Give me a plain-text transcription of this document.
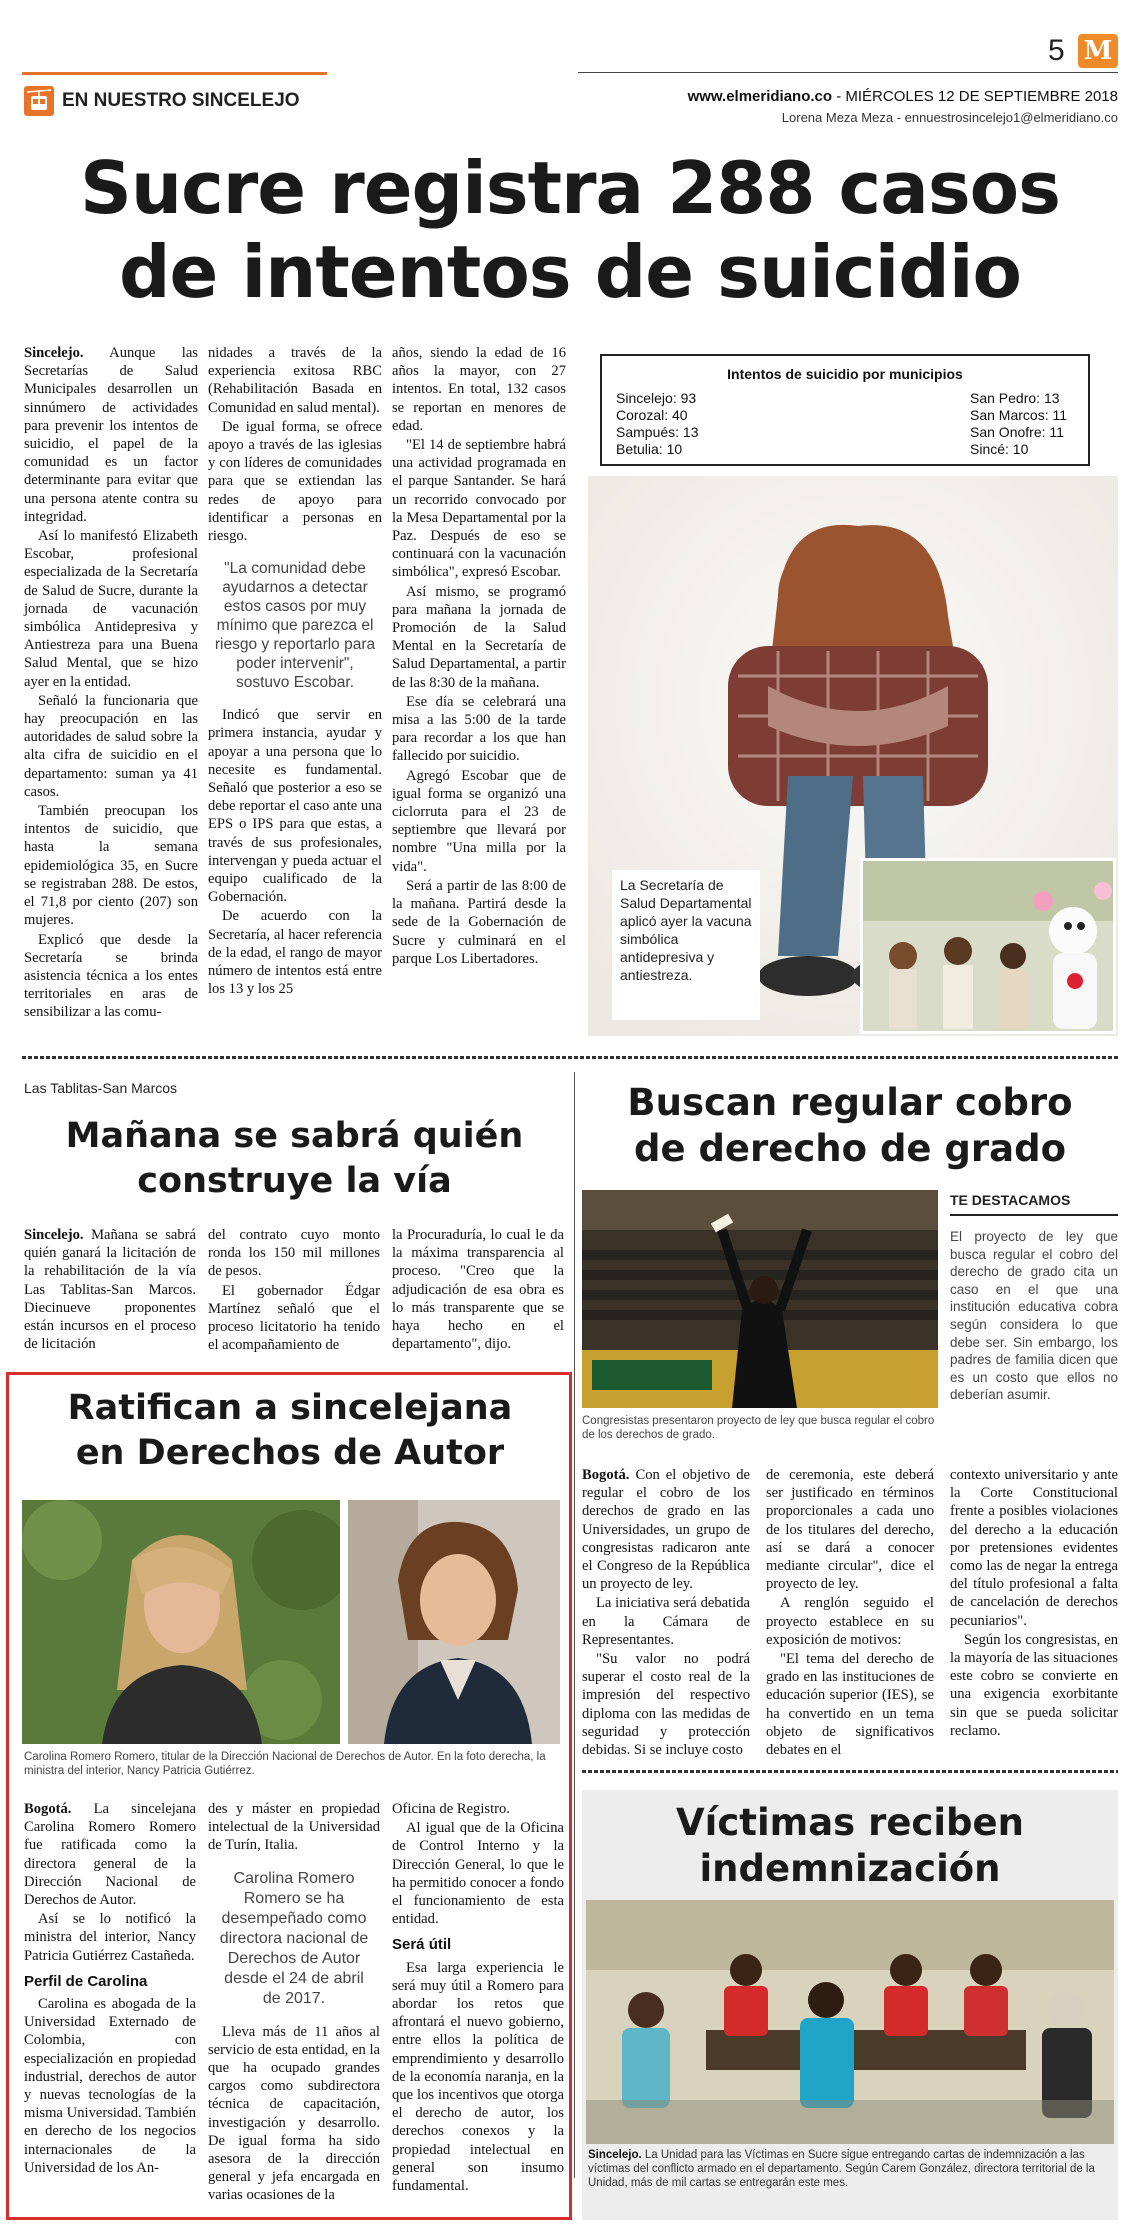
EN NUESTRO SINCELEJO
5 M
www.elmeridiano.co - MIÉRCOLES 12 DE SEPTIEMBRE 2018
Lorena Meza Meza - ennuestrosincelejo1@elmeridiano.co
Sucre registra 288 casos
de intentos de suicidio

Sincelejo. Aunque las Secretarías de Salud Municipales desarrollen un sinnúmero de actividades para prevenir los intentos de suicidio, el papel de la comunidad es un factor determinante para evitar que una persona atente contra su integridad.

Así lo manifestó Elizabeth Escobar, profesional especializada de la Secretaría de Salud de Sucre, durante la jornada de vacunación simbólica Antidepresiva y Antiestreza para una Buena Salud Mental, que se hizo ayer en la entidad.

Señaló la funcionaria que hay preocupación en las autoridades de salud sobre la alta cifra de suicidio en el departamento: suman ya 41 casos.

También preocupan los intentos de suicidio, que hasta la semana epidemiológica 35, en Sucre se registraban 288. De estos, el 71,8 por ciento (207) son mujeres.

Explicó que desde la Secretaría se brinda asistencia técnica a los entes territoriales en aras de sensibilizar a las comu-

nidades a través de la experiencia exitosa RBC (Rehabilitación Basada en Comunidad en salud mental).

De igual forma, se ofrece apoyo a través de las iglesias y con líderes de comunidades para que se extiendan las redes de apoyo para identificar a personas en riesgo.

"La comunidad debe ayudarnos a detectar estos casos por muy mínimo que parezca el riesgo y reportarlo para poder intervenir", sostuvo Escobar.

Indicó que servir en primera instancia, ayudar y apoyar a una persona que lo necesite es fundamental. Señaló que posterior a eso se debe reportar el caso ante una EPS o IPS para que estas, a través de sus profesionales, intervengan y pueda actuar el equipo cualificado de la Gobernación.

De acuerdo con la Secretaría, al hacer referencia de la edad, el rango de mayor número de intentos está entre los 13 y los 25

años, siendo la edad de 16 años la mayor, con 27 intentos. En total, 132 casos se reportan en menores de edad.

"El 14 de septiembre habrá una actividad programada en el parque Santander. Se hará un recorrido convocado por la Mesa Departamental por la Paz. Después de eso se continuará con la vacunación simbólica", expresó Escobar.

Así mismo, se programó para mañana la jornada de Promoción de la Salud Mental en la Secretaría de Salud Departamental, a partir de las 8:30 de la mañana.

Ese día se celebrará una misa a las 5:00 de la tarde para recordar a los que han fallecido por suicidio.

Agregó Escobar que de igual forma se organizó una ciclorruta para el 23 de septiembre que llevará por nombre "Una milla por la vida".

Será a partir de las 8:00 de la mañana. Partirá desde la sede de la Gobernación de Sucre y culminará en el parque Los Libertadores.

Intentos de suicidio por municipios
Sincelejo: 93
Corozal: 40
Sampués: 13
Betulia: 10
San Pedro: 13
San Marcos: 11
San Onofre: 11
Sincé: 10
La Secretaría de Salud Departamental aplicó ayer la vacuna simbólica antidepresiva y antiestreza.
Las Tablitas-San Marcos
Mañana se sabrá quién
construye la vía

Sincelejo. Mañana se sabrá quién ganará la licitación de la rehabilitación de la vía Las Tablitas-San Marcos. Diecinueve proponentes están incursos en el proceso de licitación

del contrato cuyo monto ronda los 150 mil millones de pesos.

El gobernador Édgar Martínez señaló que el proceso licitatorio ha tenido el acompañamiento de

la Procuraduría, lo cual le da la máxima transparencia al proceso. "Creo que la adjudicación de esa obra es lo más transparente que se haya hecho en el departamento", dijo.

Ratifican a sincelejana
en Derechos de Autor
Carolina Romero Romero, titular de la Dirección Nacional de Derechos de Autor. En la foto derecha, la ministra del interior, Nancy Patricia Gutiérrez.

Bogotá. La sincelejana Carolina Romero Romero fue ratificada como la directora general de la Dirección Nacional de Derechos de Autor.

Así se lo notificó la ministra del interior, Nancy Patricia Gutiérrez Castañeda.

Perfil de Carolina

Carolina es abogada de la Universidad Externado de Colombia, con especialización en propiedad industrial, derechos de autor y nuevas tecnologías de la misma Universidad. También en derecho de los negocios internacionales de la Universidad de los An-

des y máster en propiedad intelectual de la Universidad de Turín, Italia.

Carolina Romero Romero se ha desempeñado como directora nacional de Derechos de Autor desde el 24 de abril de 2017.

Lleva más de 11 años al servicio de esta entidad, en la que ha ocupado grandes cargos como subdirectora técnica de capacitación, investigación y desarrollo. De igual forma ha sido asesora de la dirección general y jefa encargada en varias ocasiones de la

Oficina de Registro.

Al igual que de la Oficina de Control Interno y la Dirección General, lo que le ha permitido conocer a fondo el funcionamiento de esta entidad.

Será útil

Esa larga experiencia le será muy útil a Romero para abordar los retos que afrontará el nuevo gobierno, entre ellos la política de emprendimiento y desarrollo de la economía naranja, en la que los incentivos que otorga el derecho de autor, los derechos conexos y la propiedad intelectual en general son insumo fundamental.

Buscan regular cobro
de derecho de grado
TE DESTACAMOS
El proyecto de ley que busca regular el cobro del derecho de grado cita un caso en el que una institución educativa cobra según considera lo que debe ser. Sin embargo, los padres de familia dicen que es un costo que ellos no deberían asumir.
Congresistas presentaron proyecto de ley que busca regular el cobro de los derechos de grado.

Bogotá. Con el objetivo de regular el cobro de los derechos de grado en las Universidades, un grupo de congresistas radicaron ante el Congreso de la República un proyecto de ley.

La iniciativa será debatida en la Cámara de Representantes.

"Su valor no podrá superar el costo real de la impresión del respectivo diploma con las medidas de seguridad y protección debidas. Si se incluye costo

de ceremonia, este deberá ser justificado en términos proporcionales a cada uno de los titulares del derecho, así se dará a conocer mediante circular", dice el proyecto de ley.

A renglón seguido el proyecto establece en su exposición de motivos:

"El tema del derecho de grado en las instituciones de educación superior (IES), se ha convertido en un tema objeto de significativos debates en el

contexto universitario y ante la Corte Constitucional frente a posibles violaciones del derecho a la educación por pretensiones evidentes como las de negar la entrega del título profesional a falta de cancelación de derechos pecuniarios".

Según los congresistas, en la mayoría de las situaciones este cobro se convierte en una exigencia exorbitante sin que se pueda solicitar reclamo.

Víctimas reciben
indemnización
Sincelejo. La Unidad para las Víctimas en Sucre sigue entregando cartas de indemnización a las víctimas del conflicto armado en el departamento. Según Carem González, directora territorial de la Unidad, más de mil cartas se entregarán este mes.
